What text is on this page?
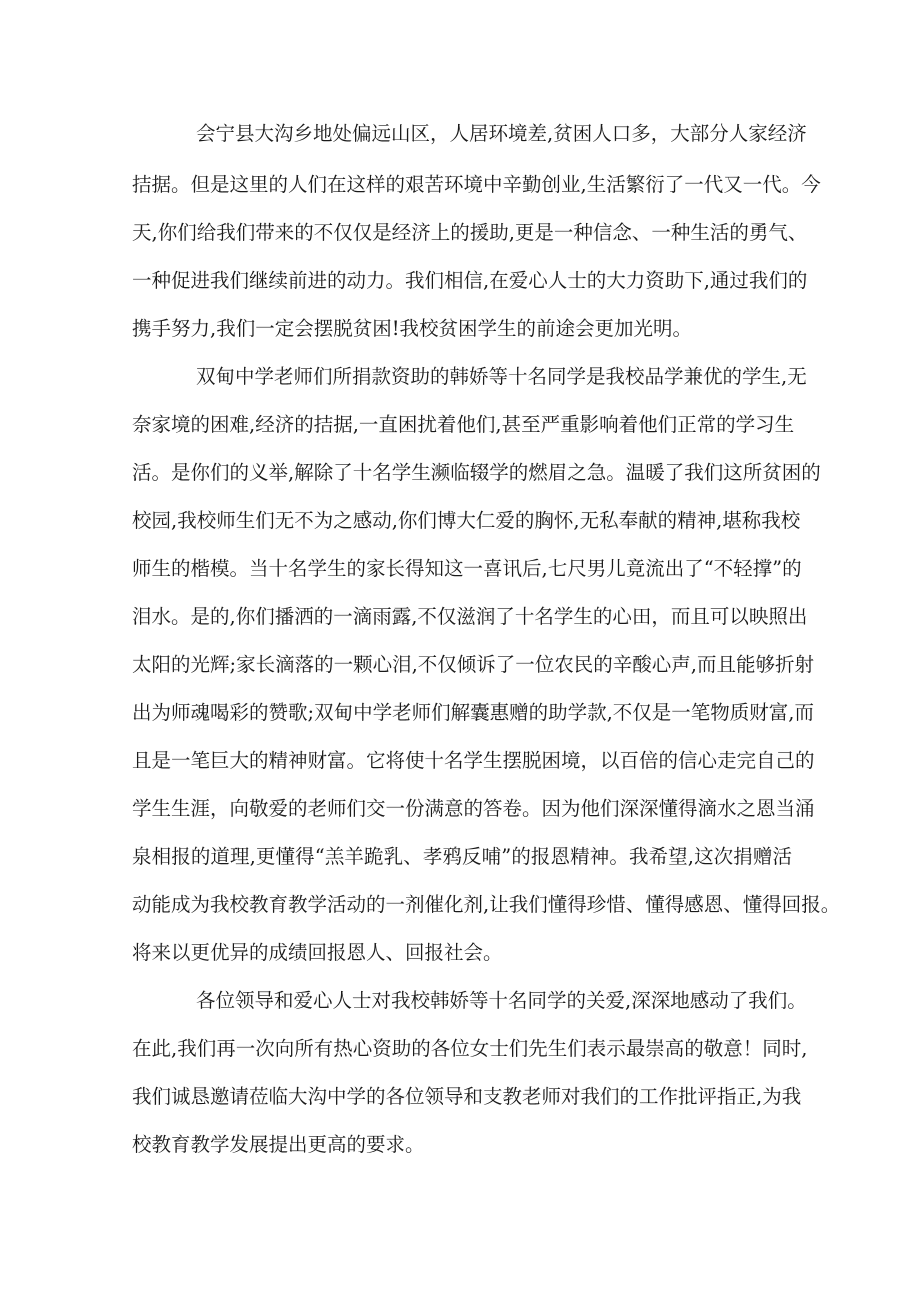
会宁县大沟乡地处偏远山区，人居环境差,贫困人口多，大部分人家经济
拮据。但是这里的人们在这样的艰苦环境中辛勤创业,生活繁衍了一代又一代。今
天,你们给我们带来的不仅仅是经济上的援助,更是一种信念、一种生活的勇气、
一种促进我们继续前进的动力。我们相信,在爱心人士的大力资助下,通过我们的
携手努力,我们一定会摆脱贫困!我校贫困学生的前途会更加光明。
双甸中学老师们所捐款资助的韩娇等十名同学是我校品学兼优的学生,无
奈家境的困难,经济的拮据,一直困扰着他们,甚至严重影响着他们正常的学习生
活。是你们的义举,解除了十名学生濒临辍学的燃眉之急。温暖了我们这所贫困的
校园,我校师生们无不为之感动,你们博大仁爱的胸怀,无私奉献的精神,堪称我校
师生的楷模。当十名学生的家长得知这一喜讯后,七尺男儿竟流出了“不轻撑”的
泪水。是的,你们播洒的一滴雨露,不仅滋润了十名学生的心田，而且可以映照出
太阳的光辉;家长滴落的一颗心泪,不仅倾诉了一位农民的辛酸心声,而且能够折射
出为师魂喝彩的赞歌;双甸中学老师们解囊惠赠的助学款,不仅是一笔物质财富,而
且是一笔巨大的精神财富。它将使十名学生摆脱困境，以百倍的信心走完自己的
学生生涯，向敬爱的老师们交一份满意的答卷。因为他们深深懂得滴水之恩当涌
泉相报的道理,更懂得“羔羊跪乳、孝鸦反哺”的报恩精神。我希望,这次捐赠活
动能成为我校教育教学活动的一剂催化剂,让我们懂得珍惜、懂得感恩、懂得回报。
将来以更优异的成绩回报恩人、回报社会。
各位领导和爱心人士对我校韩娇等十名同学的关爱,深深地感动了我们。
在此,我们再一次向所有热心资助的各位女士们先生们表示最崇高的敬意！同时,
我们诚恳邀请莅临大沟中学的各位领导和支教老师对我们的工作批评指正,为我
校教育教学发展提出更高的要求。
